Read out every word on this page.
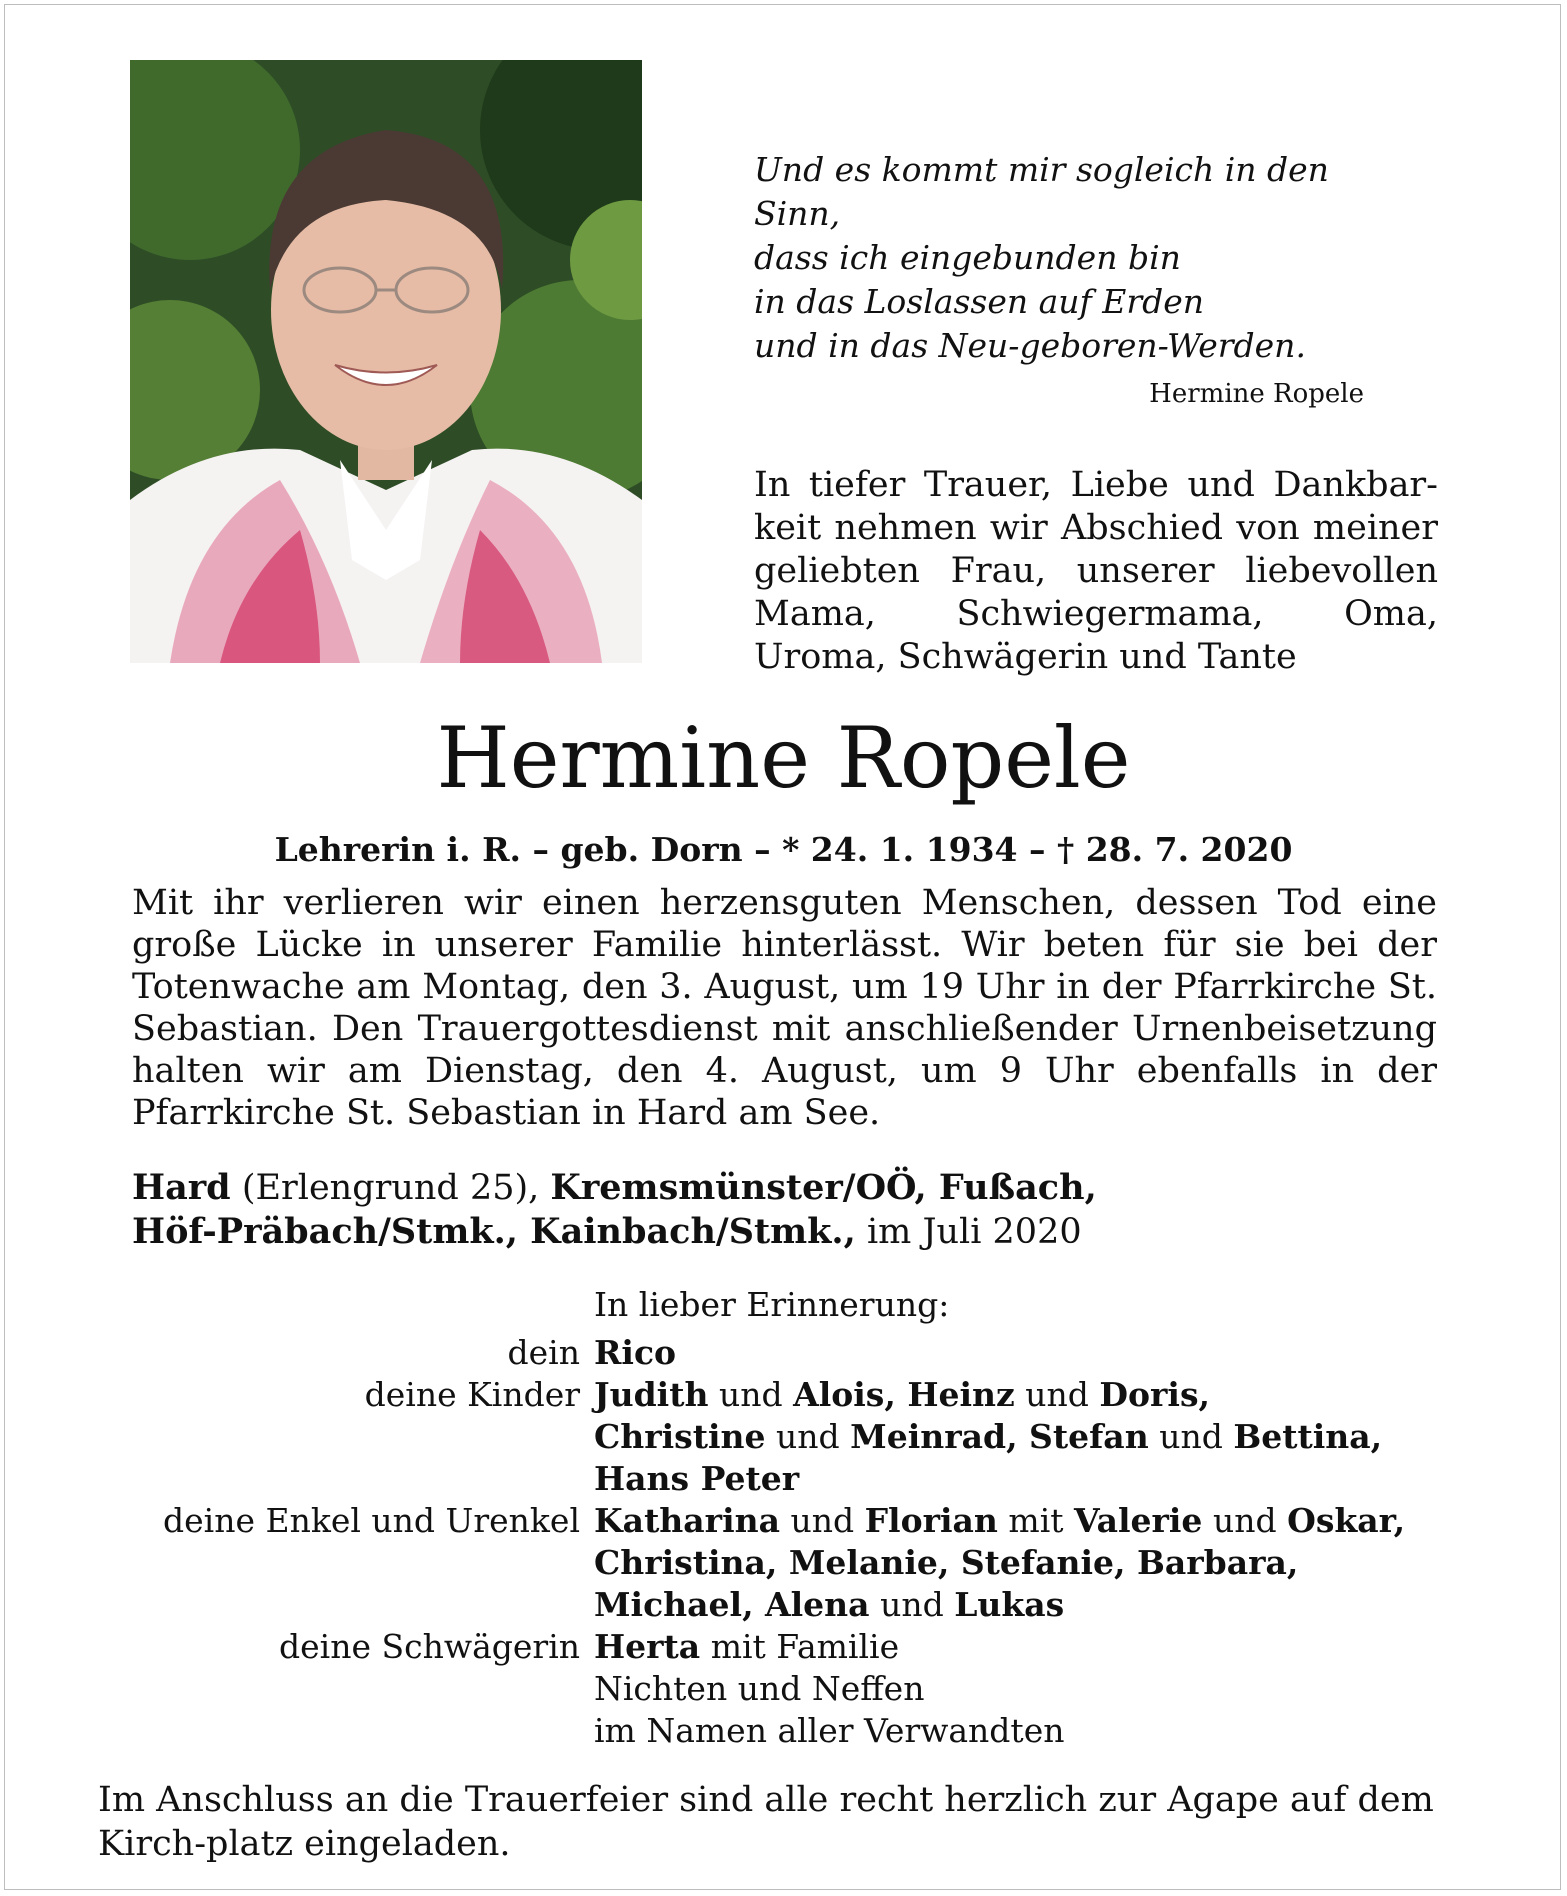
Und es kommt mir sogleich in den Sinn,
dass ich eingebunden bin
in das Loslassen auf Erden
und in das Neu-geboren-Werden.
Hermine Ropele
In tiefer Trauer, Liebe und Dankbar-keit nehmen wir Abschied von meiner geliebten Frau, unserer liebevollen Mama, Schwiegermama, Oma, Uroma, Schwägerin und Tante
Hermine Ropele
Lehrerin i. R. – geb. Dorn – * 24. 1. 1934 – † 28. 7. 2020
Mit ihr verlieren wir einen herzensguten Menschen, dessen Tod eine große Lücke in unserer Familie hinterlässt. Wir beten für sie bei der Totenwache am Montag, den 3. August, um 19 Uhr in der Pfarrkirche St. Sebastian. Den Trauergottesdienst mit anschließender Urnenbeisetzung halten wir am Dienstag, den 4. August, um 9 Uhr ebenfalls in der Pfarrkirche St. Sebastian in Hard am See.
Hard (Erlengrund 25), Kremsmünster/OÖ, Fußach,
Höf-Präbach/Stmk., Kainbach/Stmk., im Juli 2020
In lieber Erinnerung:
dein Rico
deine Kinder Judith und Alois, Heinz und Doris,
Christine und Meinrad, Stefan und Bettina,
Hans Peter
deine Enkel und Urenkel Katharina und Florian mit Valerie und Oskar,
Christina, Melanie, Stefanie, Barbara,
Michael, Alena und Lukas
deine Schwägerin Herta mit Familie
Nichten und Neffen
im Namen aller Verwandten
Im Anschluss an die Trauerfeier sind alle recht herzlich zur Agape auf dem Kirch-platz eingeladen.
